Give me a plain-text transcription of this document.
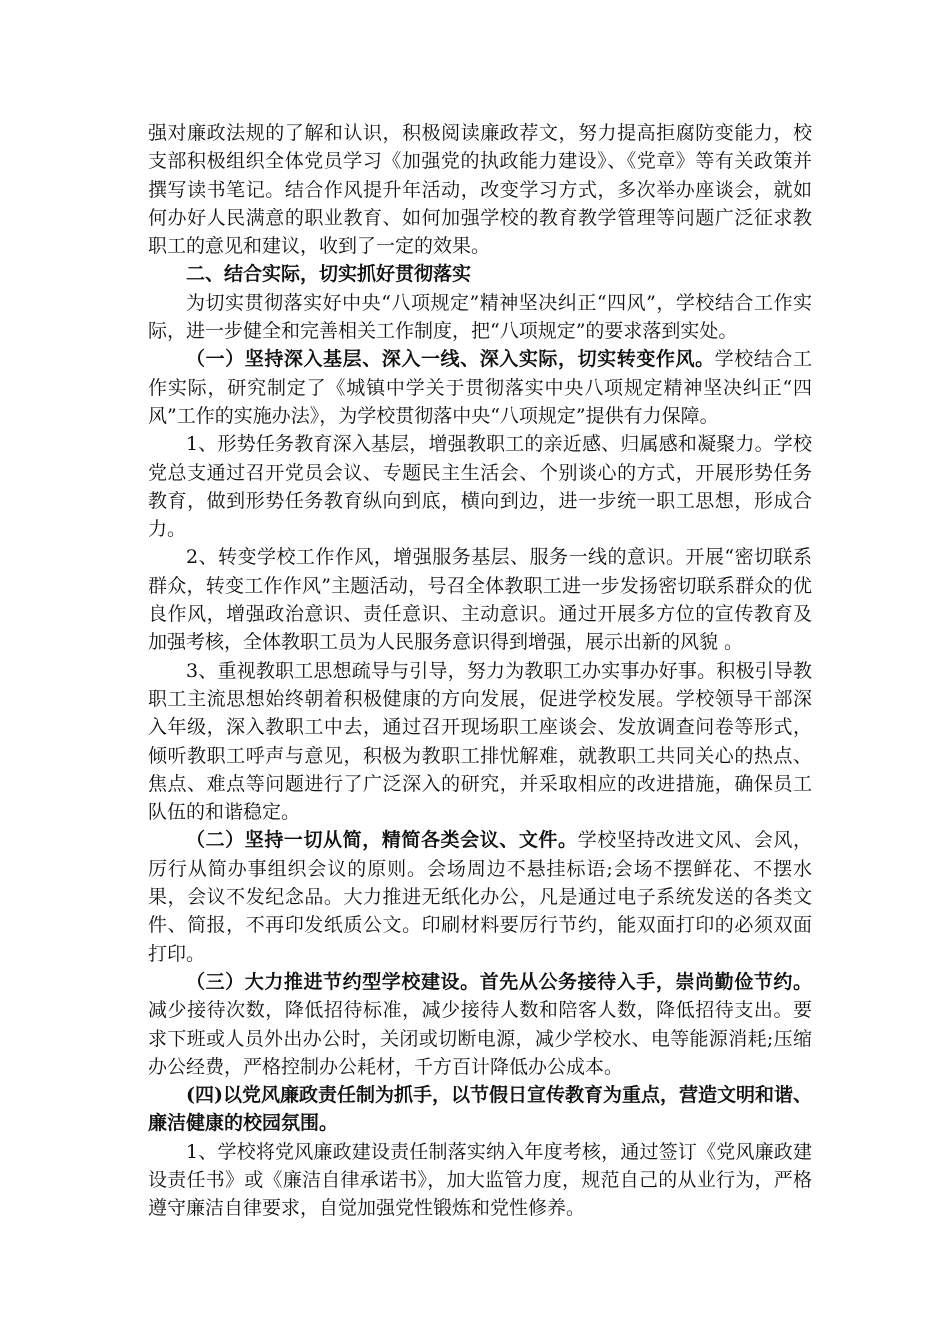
强对廉政法规的了解和认识，积极阅读廉政荐文，努力提高拒腐防变能力，校支部积极组织全体党员学习《加强党的执政能力建设》、《党章》等有关政策并撰写读书笔记。结合作风提升年活动，改变学习方式，多次举办座谈会，就如何办好人民满意的职业教育、如何加强学校的教育教学管理等问题广泛征求教职工的意见和建议，收到了一定的效果。

二、结合实际，切实抓好贯彻落实

为切实贯彻落实好中央“八项规定”精神坚决纠正“四风”，学校结合工作实际，进一步健全和完善相关工作制度，把“八项规定”的要求落到实处。

（一）坚持深入基层、深入一线、深入实际，切实转变作风。学校结合工作实际，研究制定了《城镇中学关于贯彻落实中央八项规定精神坚决纠正“四风”工作的实施办法》，为学校贯彻落中央“八项规定”提供有力保障。

1、形势任务教育深入基层，增强教职工的亲近感、归属感和凝聚力。学校党总支通过召开党员会议、专题民主生活会、个别谈心的方式，开展形势任务教育，做到形势任务教育纵向到底，横向到边，进一步统一职工思想，形成合力。

2、转变学校工作作风，增强服务基层、服务一线的意识。开展“密切联系群众，转变工作作风”主题活动，号召全体教职工进一步发扬密切联系群众的优良作风，增强政治意识、责任意识、主动意识。通过开展多方位的宣传教育及加强考核，全体教职工员为人民服务意识得到增强，展示出新的风貌 。

3、重视教职工思想疏导与引导，努力为教职工办实事办好事。积极引导教职工主流思想始终朝着积极健康的方向发展，促进学校发展。学校领导干部深入年级，深入教职工中去，通过召开现场职工座谈会、发放调查问卷等形式，倾听教职工呼声与意见，积极为教职工排忧解难，就教职工共同关心的热点、焦点、难点等问题进行了广泛深入的研究，并采取相应的改进措施，确保员工队伍的和谐稳定。

（二）坚持一切从简，精简各类会议、文件。学校坚持改进文风、会风，厉行从简办事组织会议的原则。会场周边不悬挂标语;会场不摆鲜花、不摆水果，会议不发纪念品。大力推进无纸化办公，凡是通过电子系统发送的各类文件、简报，不再印发纸质公文。印刷材料要厉行节约，能双面打印的必须双面打印。

（三）大力推进节约型学校建设。首先从公务接待入手，崇尚勤俭节约。减少接待次数，降低招待标准，减少接待人数和陪客人数，降低招待支出。要求下班或人员外出办公时，关闭或切断电源，减少学校水、电等能源消耗;压缩办公经费，严格控制办公耗材，千方百计降低办公成本。

(四)以党风廉政责任制为抓手，以节假日宣传教育为重点，营造文明和谐、廉洁健康的校园氛围。

1、学校将党风廉政建设责任制落实纳入年度考核，通过签订《党风廉政建设责任书》或《廉洁自律承诺书》，加大监管力度，规范自己的从业行为，严格遵守廉洁自律要求，自觉加强党性锻炼和党性修养。
